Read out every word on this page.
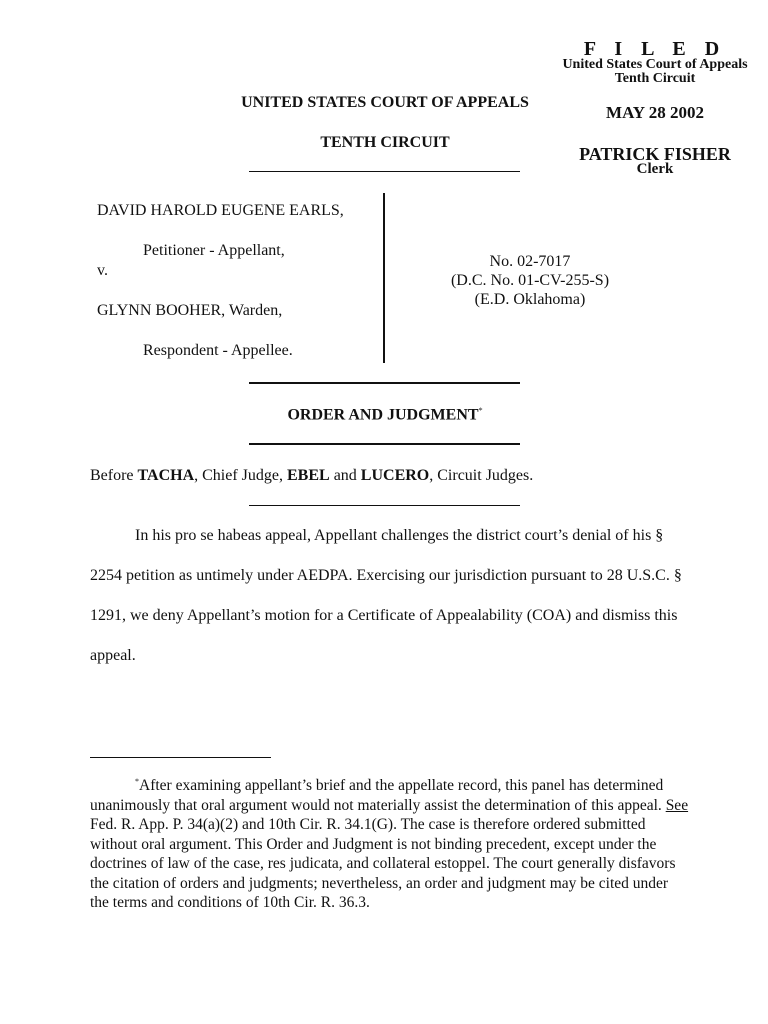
F I L E D
United States Court of Appeals
Tenth Circuit
MAY 28 2002
PATRICK FISHER
Clerk
UNITED STATES COURT OF APPEALS
TENTH CIRCUIT
DAVID HAROLD EUGENE EARLS,
Petitioner - Appellant,
v.
GLYNN BOOHER, Warden,
Respondent - Appellee.
No. 02-7017
(D.C. No. 01-CV-255-S)
(E.D. Oklahoma)
ORDER AND JUDGMENT*
Before TACHA, Chief Judge, EBEL and LUCERO, Circuit Judges.

In his pro se habeas appeal, Appellant challenges the district court’s denial of his § 2254 petition as untimely under AEDPA. Exercising our jurisdiction pursuant to 28 U.S.C. § 1291, we deny Appellant’s motion for a Certificate of Appealability (COA) and dismiss this appeal.

*After examining appellant’s brief and the appellate record, this panel has determined unanimously that oral argument would not materially assist the determination of this appeal. See Fed. R. App. P. 34(a)(2) and 10th Cir. R. 34.1(G). The case is therefore ordered submitted without oral argument. This Order and Judgment is not binding precedent, except under the doctrines of law of the case, res judicata, and collateral estoppel. The court generally disfavors the citation of orders and judgments; nevertheless, an order and judgment may be cited under the terms and conditions of 10th Cir. R. 36.3.
